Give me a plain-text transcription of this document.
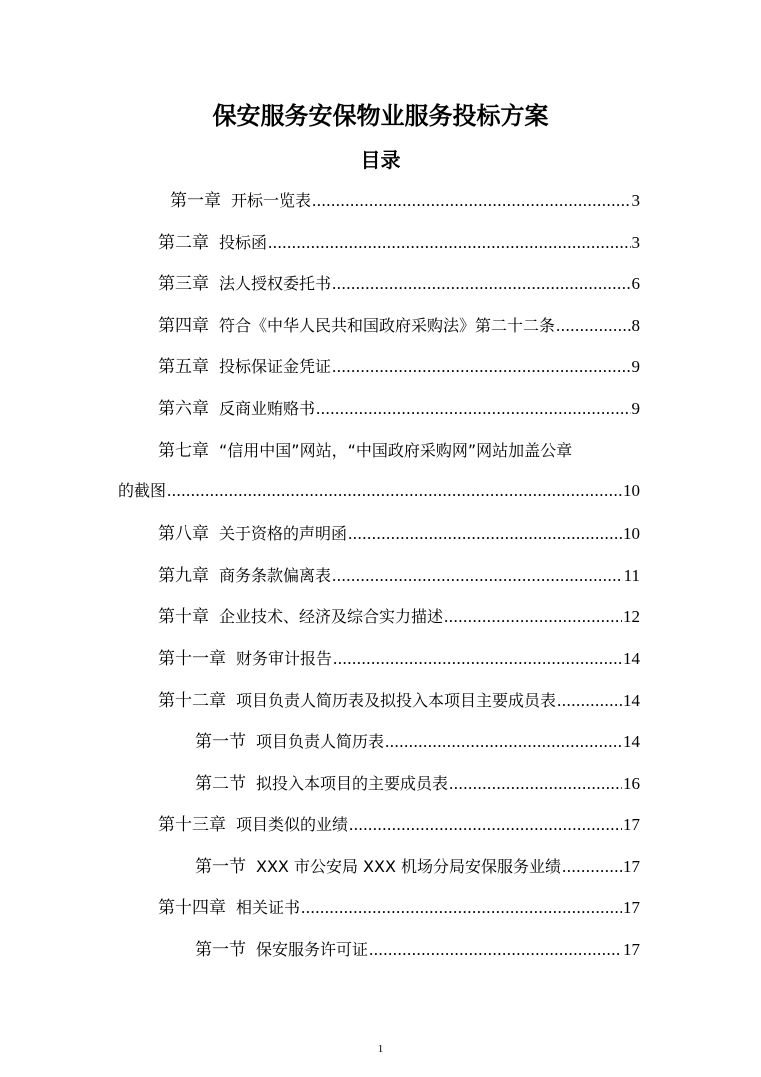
保安服务安保物业服务投标方案
目录
第一章 开标一览表 .....	3
第二章 投标函 .....	3
第三章 法人授权委托书 .....	6
第四章 符合《中华人民共和国政府采购法》第二十二条 .....	8
第五章 投标保证金凭证 .....	9
第六章 反商业贿赂书 .....	9
第七章 “信用中国”网站，“中国政府采购网”网站加盖公章
的截图 .....	10
第八章 关于资格的声明函 .....	10
第九章 商务条款偏离表 .....	11
第十章 企业技术、经济及综合实力描述 .....	12
第十一章 财务审计报告 .....	14
第十二章 项目负责人简历表及拟投入本项目主要成员表 .....	14
第一节 项目负责人简历表 .....	14
第二节 拟投入本项目的主要成员表 .....	16
第十三章 项目类似的业绩 .....	17
第一节 XXX 市公安局 XXX 机场分局安保服务业绩 .....	17
第十四章 相关证书 .....	17
第一节 保安服务许可证 .....	17
1
